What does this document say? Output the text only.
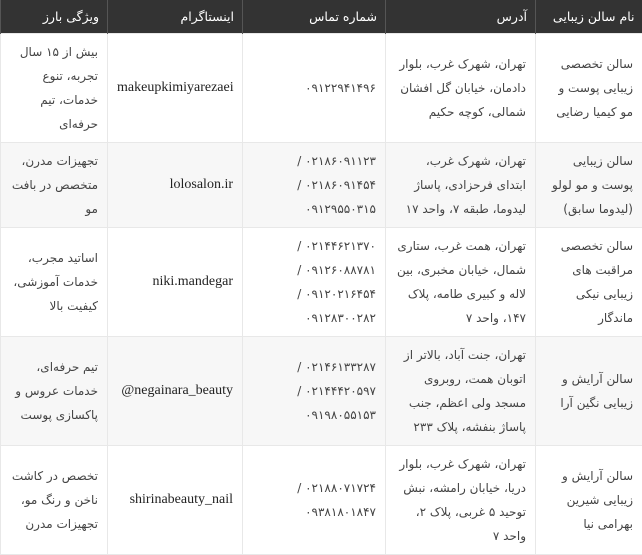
نام سالن زیبایی	آدرس	شماره تماس	اینستاگرام	ویژگی بارز
سالن تخصصی زیبایی پوست و مو کیمیا رضایی	تهران، شهرک غرب، بلوار دادمان، خیابان گل افشان شمالی، کوچه حکیم	۰۹۱۲۲۹۴۱۴۹۶	makeupkimiyarezaei	بیش از ۱۵ سال تجربه، تنوع خدمات، تیم حرفه‌ای
سالن زیبایی پوست و مو لولو (لیدوما سابق)	تهران، شهرک غرب، ابتدای فرحزادی، پاساژ لیدوما، طبقه ۷، واحد ۱۷	۰۲۱۸۶۰۹۱۱۲۳ /
۰۲۱۸۶۰۹۱۴۵۴ /
۰۹۱۲۹۵۵۰۳۱۵	lolosalon.ir	تجهیزات مدرن، متخصص در بافت مو
سالن تخصصی مراقبت های زیبایی نیکی ماندگار	تهران، همت غرب، ستاری شمال، خیابان مخبری، بین لاله و کبیری طامه، پلاک ۱۴۷، واحد ۷	۰۲۱۴۴۶۲۱۳۷۰ /
۰۹۱۲۶۰۸۸۷۸۱ /
۰۹۱۲۰۲۱۶۴۵۴ /
۰۹۱۲۸۳۰۰۲۸۲	niki.mandegar	اساتید مجرب، خدمات آموزشی، کیفیت بالا
سالن آرایش و زیبایی نگین آرا	تهران، جنت آباد، بالاتر از اتوبان همت، روبروی مسجد ولی اعظم، جنب پاساژ بنفشه، پلاک ۲۳۳	۰۲۱۴۶۱۳۳۲۸۷ /
۰۲۱۴۴۴۲۰۵۹۷ /
۰۹۱۹۸۰۵۵۱۵۳	@negainara_beauty	تیم حرفه‌ای، خدمات عروس و پاکسازی پوست
سالن آرایش و زیبایی شیرین بهرامی نیا	تهران، شهرک غرب، بلوار دریا، خیابان رامشه، نبش توحید ۵ غربی، پلاک ۲، واحد ۷	۰۲۱۸۸۰۷۱۷۲۴ /
۰۹۳۸۱۸۰۱۸۴۷	shirinabeauty_nail	تخصص در کاشت ناخن و رنگ مو، تجهیزات مدرن
